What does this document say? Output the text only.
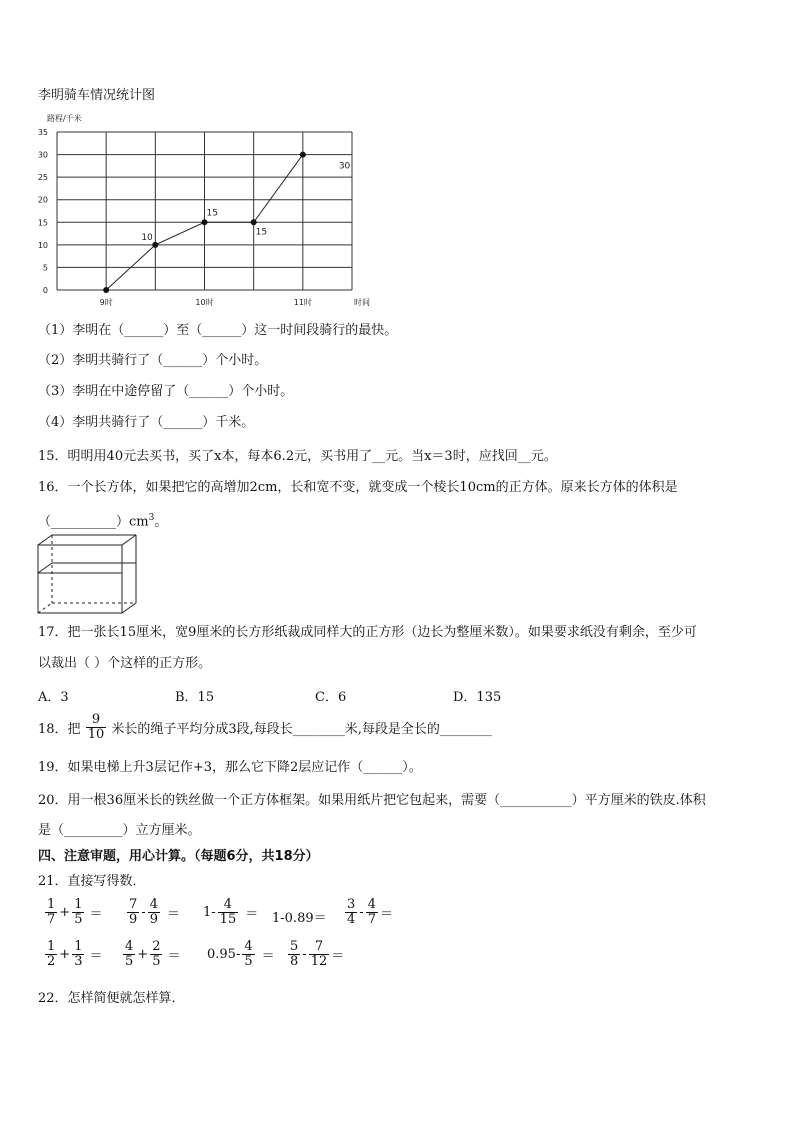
李明骑车情况统计图
0
5
10
15
20
25
30
35
路程/千米
时间
9时	10时	11时
10
15
15
30
（1）李明在（______）至（______）这一时间段骑行的最快。
（2）李明共骑行了（______）个小时。
（3）李明在中途停留了（______）个小时。
（4）李明共骑行了（______）千米。
15．明明用40元去买书，买了x本，每本6.2元，买书用了__元。当x＝3时，应找回__元。
16．一个长方体，如果把它的高增加2cm，长和宽不变，就变成一个棱长10cm的正方体。原来长方体的体积是
$(\_\_\_\_\_\_\_\_\_\_)cm^3$。
17．把一张长15厘米，宽9厘米的长方形纸裁成同样大的正方形（边长为整厘米数）。如果要求纸没有剩余，至少可
以裁出（ ）个这样的正方形。
A．3	B．15	C．6	D．135
18．把 $\frac{9}{10}$ 米长的绳子平均分成3段,每段长________米,每段是全长的________
19．如果电梯上升3层记作+3，那么它下降2层应记作（______）。
20．用一根36厘米长的铁丝做一个正方体框架。如果用纸片把它包起来，需要（___________）平方厘米的铁皮.体积
是（_________）立方厘米。
四、注意审题，用心计算。（每题6分，共18分）
21．直接写得数．
$\frac{1}{7} + \frac{1}{5} = \frac{7}{9} - \frac{4}{9} = 1- \frac{4}{15} = 1-0.89= \frac{3}{4} - \frac{4}{7}$ ＝
$\frac{1}{2} + \frac{1}{3} = \frac{4}{5} + \frac{2}{5} = 0.95- \frac{4}{5} = \frac{5}{8} - \frac{7}{12}$ ＝
22．怎样简便就怎样算．
